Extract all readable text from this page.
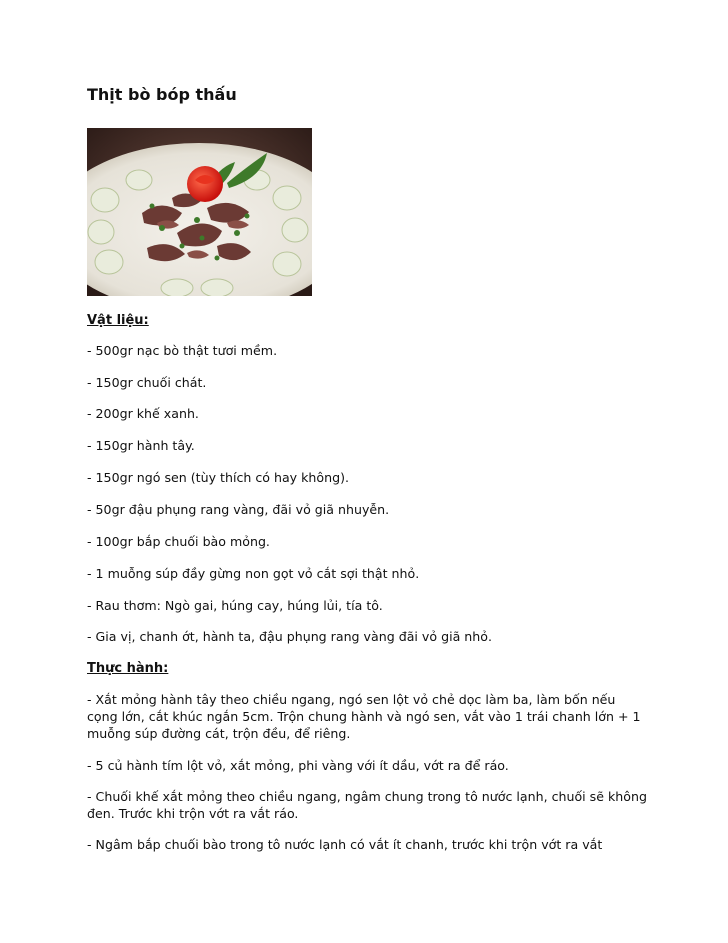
Thịt bò bóp thấu

Vật liệu:

- 500gr nạc bò thật tươi mềm.

- 150gr chuối chát.

- 200gr khế xanh.

- 150gr hành tây.

- 150gr ngó sen (tùy thích có hay không).

- 50gr đậu phụng rang vàng, đãi vỏ giã nhuyễn.

- 100gr bắp chuối bào mỏng.

- 1 muỗng súp đầy gừng non gọt vỏ cắt sợi thật nhỏ.

- Rau thơm: Ngò gai, húng cay, húng lủi, tía tô.

- Gia vị, chanh ớt, hành ta, đậu phụng rang vàng đãi vỏ giã nhỏ.

Thực hành:

- Xắt mỏng hành tây theo chiều ngang, ngó sen lột vỏ chẻ dọc làm ba, làm bốn nếu cọng lớn, cắt khúc ngắn 5cm. Trộn chung hành và ngó sen, vắt vào 1 trái chanh lớn + 1 muỗng súp đường cát, trộn đều, để riêng.

- 5 củ hành tím lột vỏ, xắt mỏng, phi vàng với ít dầu, vớt ra để ráo.

- Chuối khế xắt mỏng theo chiều ngang, ngâm chung trong tô nước lạnh, chuối sẽ không đen. Trước khi trộn vớt ra vắt ráo.

- Ngâm bắp chuối bào trong tô nước lạnh có vắt ít chanh, trước khi trộn vớt ra vắt
